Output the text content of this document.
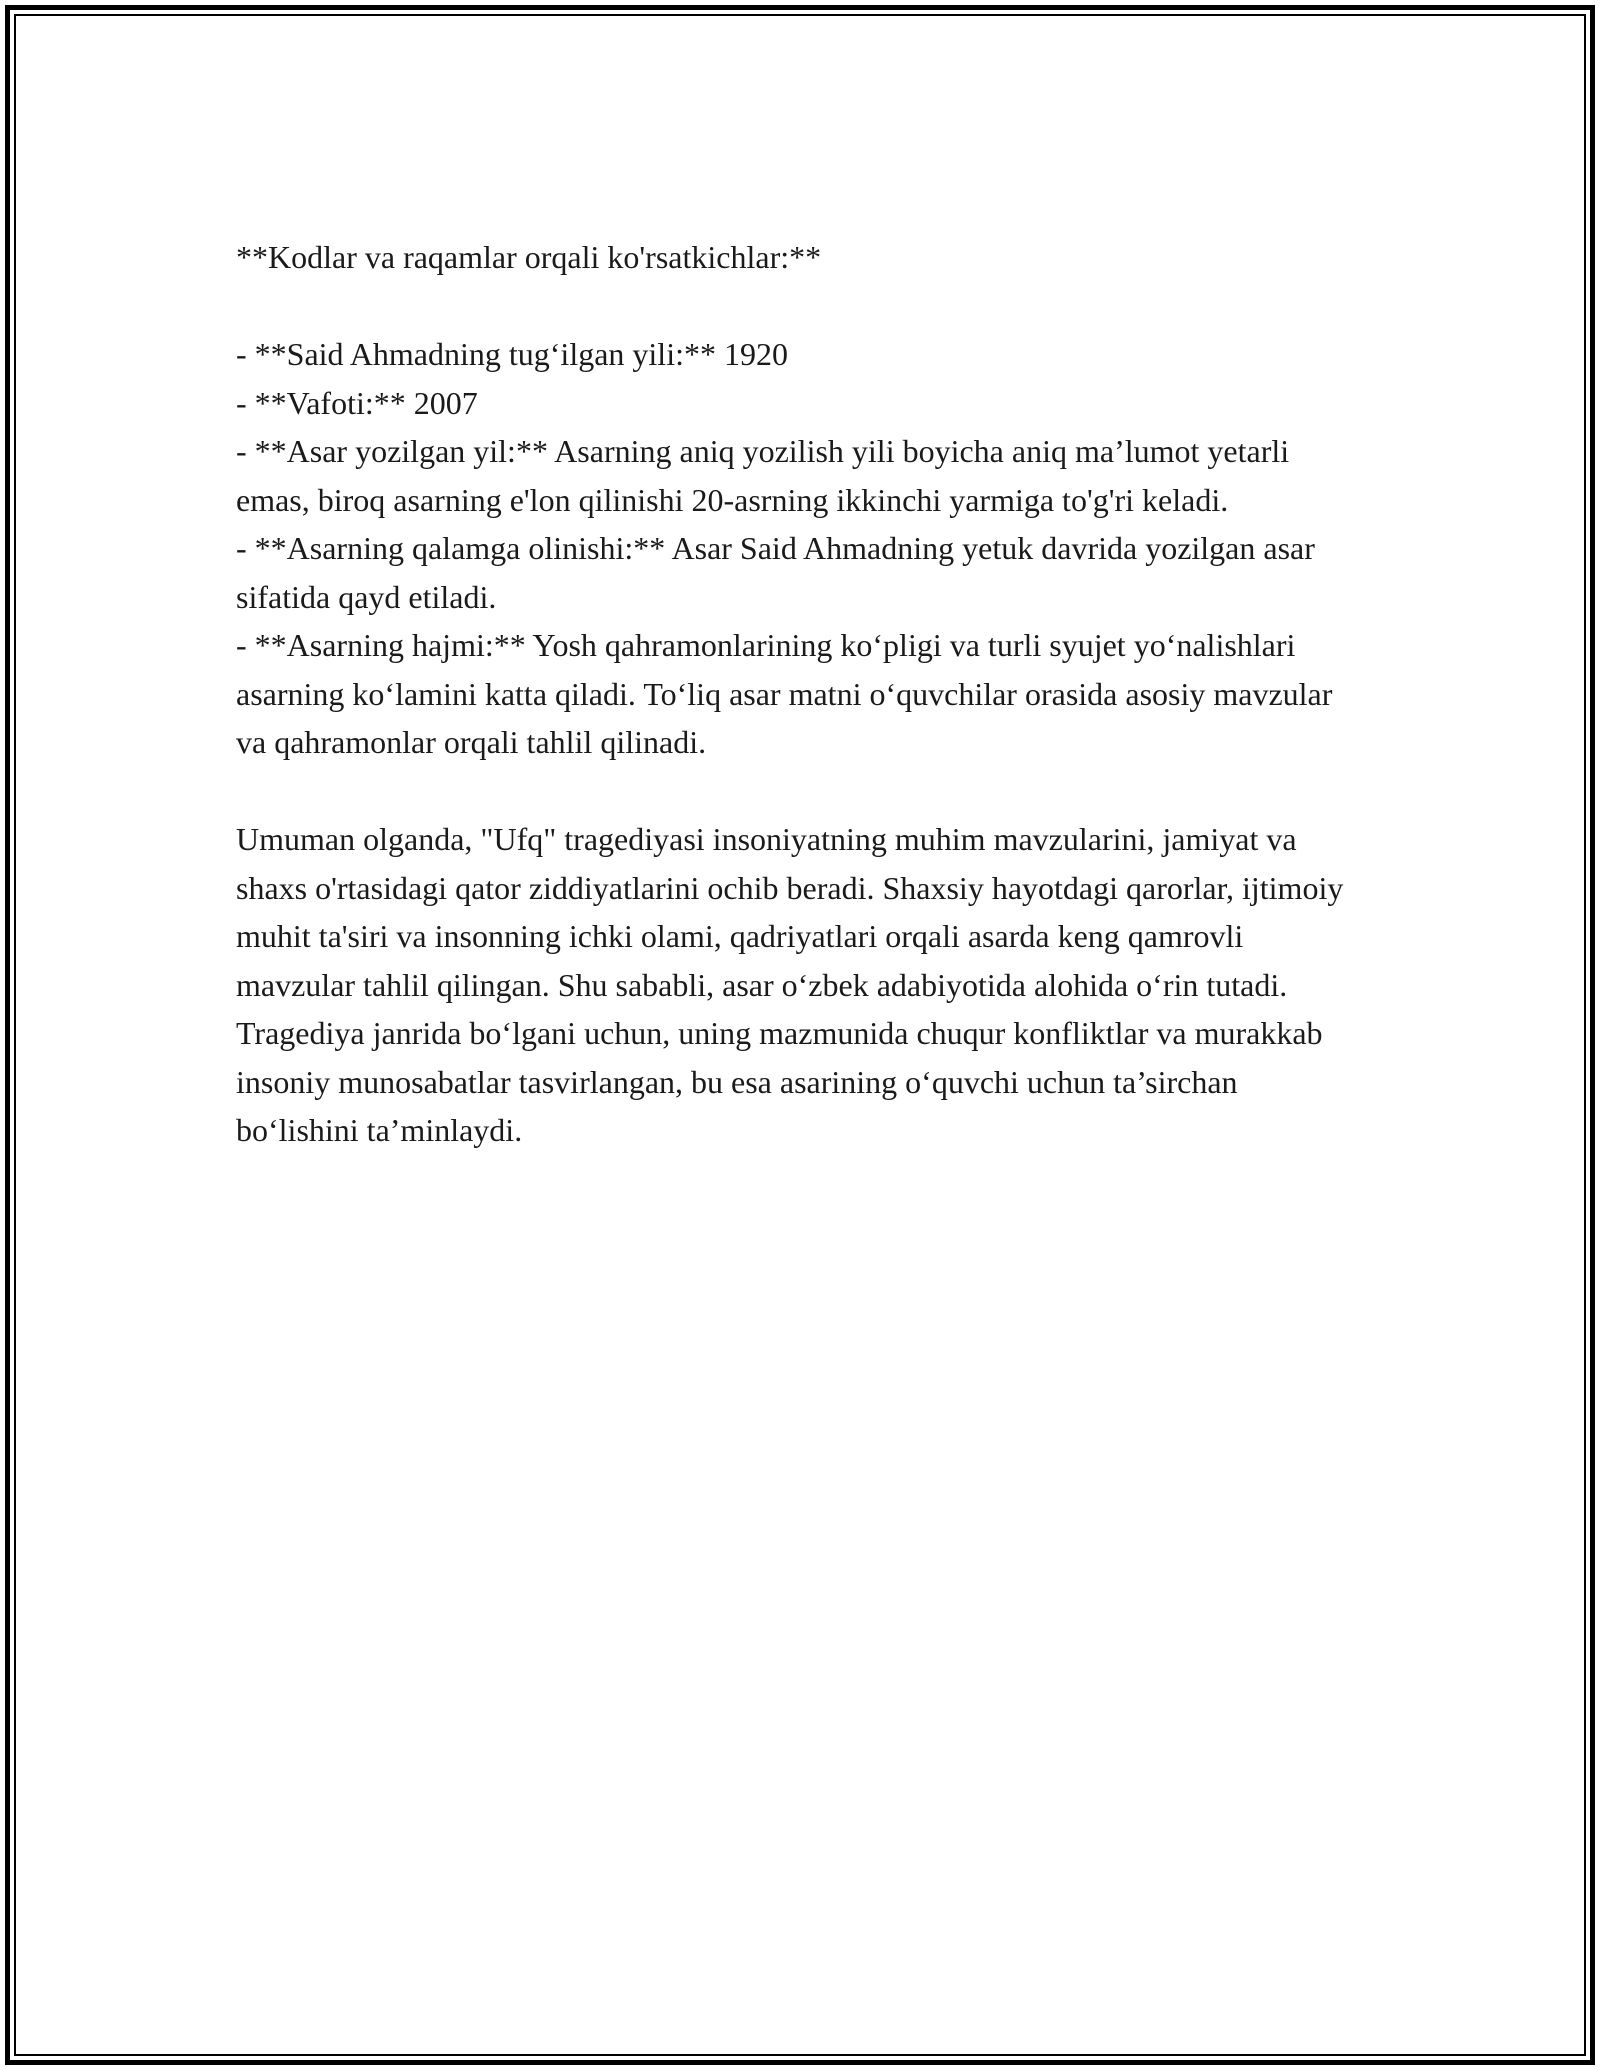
**Kodlar va raqamlar orqali ko'rsatkichlar:**

- **Said Ahmadning tug‘ilgan yili:** 1920
- **Vafoti:** 2007
- **Asar yozilgan yil:** Asarning aniq yozilish yili boyicha aniq ma’lumot yetarli emas, biroq asarning e'lon qilinishi 20-asrning ikkinchi yarmiga to'g'ri keladi.
- **Asarning qalamga olinishi:** Asar Said Ahmadning yetuk davrida yozilgan asar sifatida qayd etiladi.
- **Asarning hajmi:** Yosh qahramonlarining ko‘pligi va turli syujet yo‘nalishlari asarning ko‘lamini katta qiladi. To‘liq asar matni o‘quvchilar orasida asosiy mavzular va qahramonlar orqali tahlil qilinadi.

Umuman olganda, "Ufq" tragediyasi insoniyatning muhim mavzularini, jamiyat va shaxs o'rtasidagi qator ziddiyatlarini ochib beradi. Shaxsiy hayotdagi qarorlar, ijtimoiy muhit ta'siri va insonning ichki olami, qadriyatlari orqali asarda keng qamrovli mavzular tahlil qilingan. Shu sababli, asar o‘zbek adabiyotida alohida o‘rin tutadi. Tragediya janrida bo‘lgani uchun, uning mazmunida chuqur konfliktlar va murakkab insoniy munosabatlar tasvirlangan, bu esa asarining o‘quvchi uchun ta’sirchan bo‘lishini ta’minlaydi.
